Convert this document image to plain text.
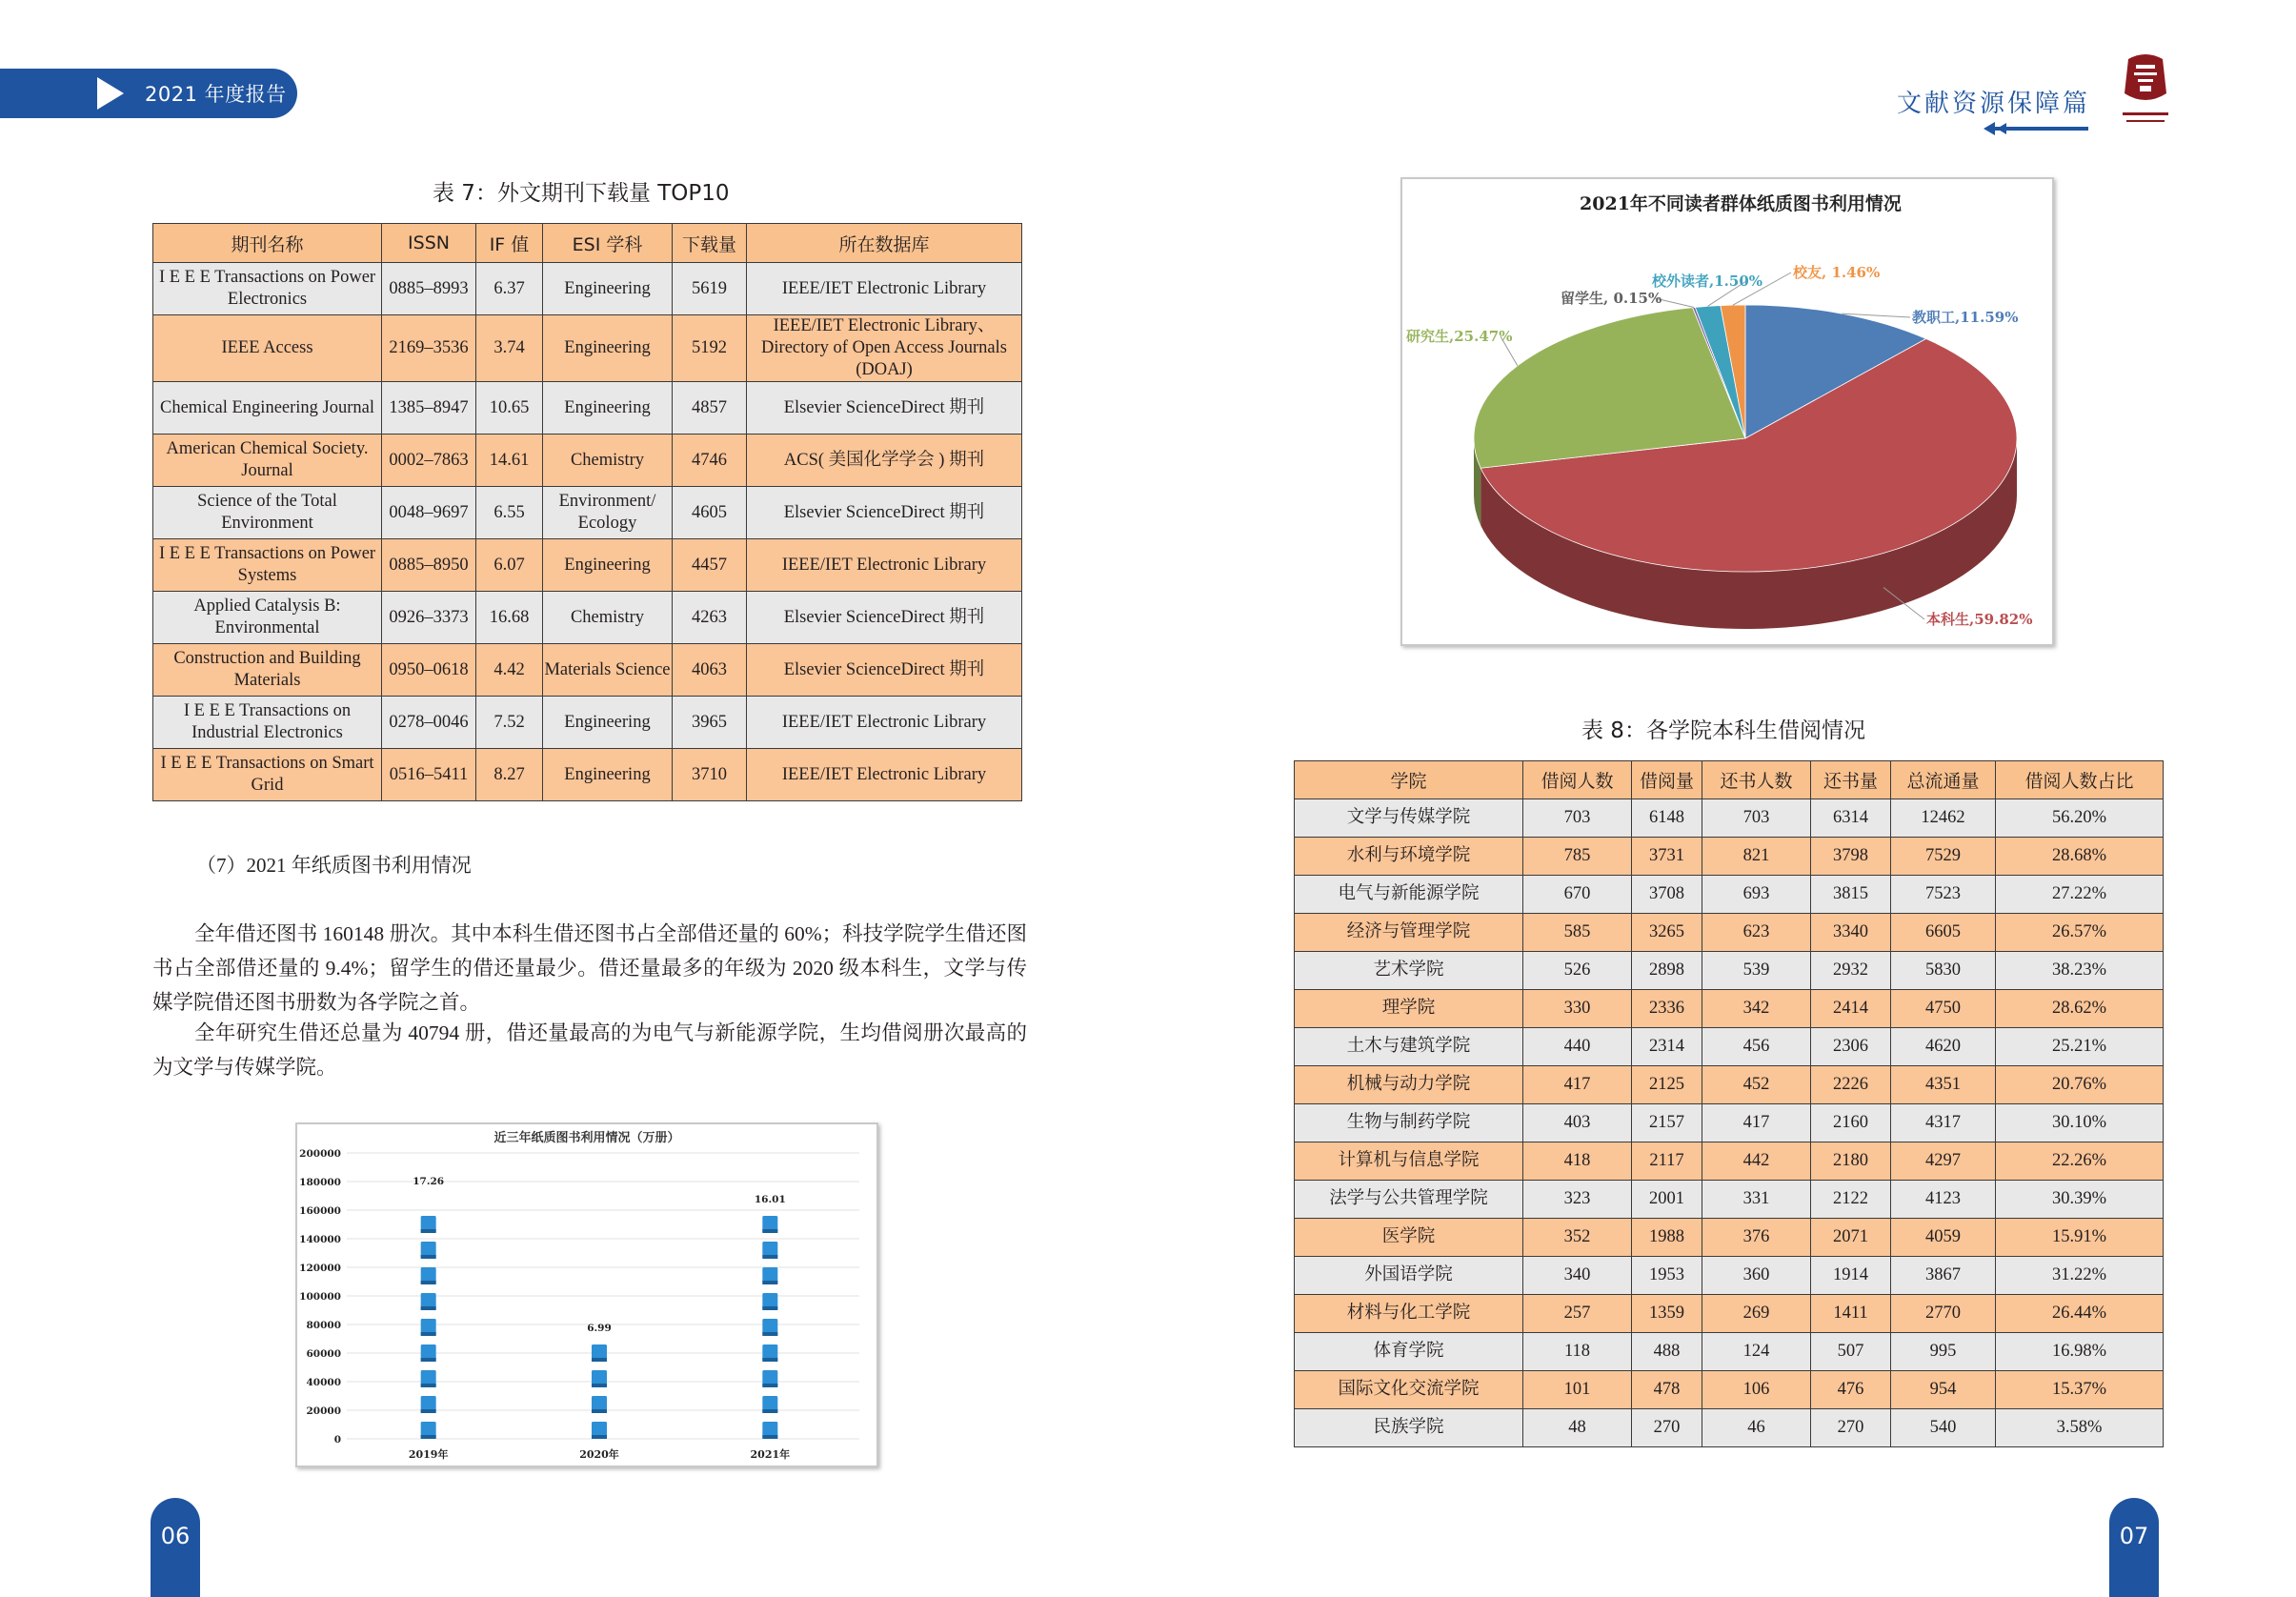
2021 年度报告	文献资源保障篇
表 7：外文期刊下载量 TOP10
期刊名称	ISSN	IF 值	ESI 学科	下载量	所在数据库
I E E E Transactions on Power Electronics	0885–8993	6.37	Engineering	5619	IEEE/IET Electronic Library
IEEE Access	2169–3536	3.74	Engineering	5192	IEEE/IET Electronic Library、Directory of Open Access Journals (DOAJ)
Chemical Engineering Journal	1385–8947	10.65	Engineering	4857	Elsevier ScienceDirect 期刊
American Chemical Society. Journal	0002–7863	14.61	Chemistry	4746	ACS( 美国化学学会 ) 期刊
Science of the Total Environment	0048–9697	6.55	Environment/ Ecology	4605	Elsevier ScienceDirect 期刊
I E E E Transactions on Power Systems	0885–8950	6.07	Engineering	4457	IEEE/IET Electronic Library
Applied Catalysis B: Environmental	0926–3373	16.68	Chemistry	4263	Elsevier ScienceDirect 期刊
Construction and Building Materials	0950–0618	4.42	Materials Science	4063	Elsevier ScienceDirect 期刊
I E E E Transactions on Industrial Electronics	0278–0046	7.52	Engineering	3965	IEEE/IET Electronic Library
I E E E Transactions on Smart Grid	0516–5411	8.27	Engineering	3710	IEEE/IET Electronic Library
（7）2021 年纸质图书利用情况
全年借还图书 160148 册次。其中本科生借还图书占全部借还量的 60%；科技学院学生借还图书占全部借还量的 9.4%；留学生的借还量最少。借还量最多的年级为 2020 级本科生，文学与传媒学院借还图书册数为各学院之首。
全年研究生借还总量为 40794 册，借还量最高的为电气与新能源学院，生均借阅册次最高的为文学与传媒学院。
近三年纸质图书利用情况（万册）
200000
180000
160000
140000
120000
100000
80000
60000
40000
20000
0
17.26
2019年
6.99
2020年
16.01
2021年
2021年不同读者群体纸质图书利用情况
教职工,11.59%
本科生,59.82%
研究生,25.47%
留学生, 0.15%
校外读者,1.50% 校友, 1.46%
表 8：各学院本科生借阅情况
学院	借阅人数	借阅量	还书人数	还书量	总流通量	借阅人数占比
文学与传媒学院	703	6148	703	6314	12462	56.20%
水利与环境学院	785	3731	821	3798	7529	28.68%
电气与新能源学院	670	3708	693	3815	7523	27.22%
经济与管理学院	585	3265	623	3340	6605	26.57%
艺术学院	526	2898	539	2932	5830	38.23%
理学院	330	2336	342	2414	4750	28.62%
土木与建筑学院	440	2314	456	2306	4620	25.21%
机械与动力学院	417	2125	452	2226	4351	20.76%
生物与制药学院	403	2157	417	2160	4317	30.10%
计算机与信息学院	418	2117	442	2180	4297	22.26%
法学与公共管理学院	323	2001	331	2122	4123	30.39%
医学院	352	1988	376	2071	4059	15.91%
外国语学院	340	1953	360	1914	3867	31.22%
材料与化工学院	257	1359	269	1411	2770	26.44%
体育学院	118	488	124	507	995	16.98%
国际文化交流学院	101	478	106	476	954	15.37%
民族学院	48	270	46	270	540	3.58%
06	07
